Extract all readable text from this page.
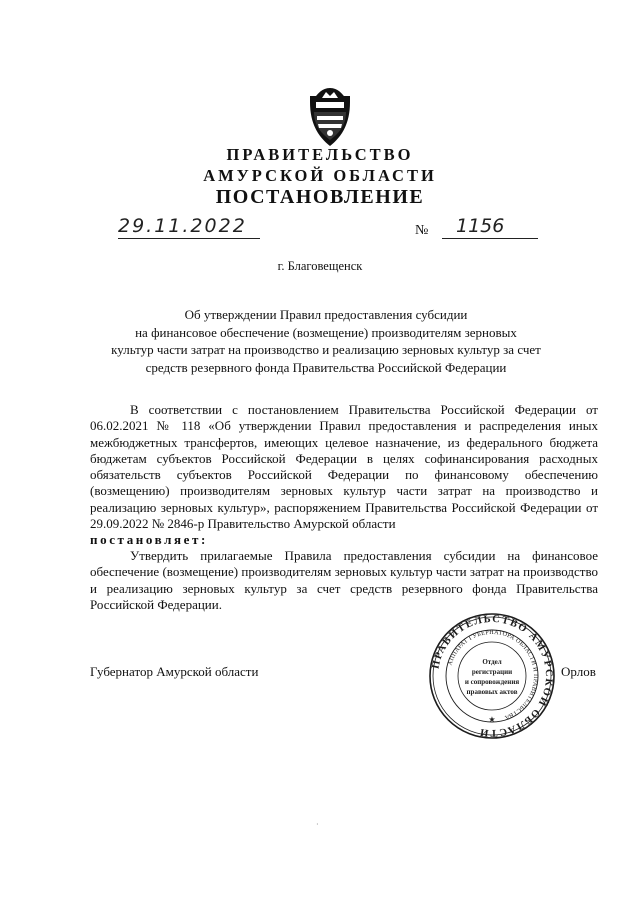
ПРАВИТЕЛЬСТВО
АМУРСКОЙ ОБЛАСТИ
ПОСТАНОВЛЕНИЕ
29.11.2022	№	1156
г. Благовещенск
Об утверждении Правил предоставления субсидии
на финансовое обеспечение (возмещение) производителям зерновых
культур части затрат на производство и реализацию зерновых культур за счет
средств резервного фонда Правительства Российской Федерации
В соответствии с постановлением Правительства Российской Федерации от 06.02.2021 № 118 «Об утверждении Правил предоставления и распределения иных межбюджетных трансфертов, имеющих целевое назначение, из федерального бюджета бюджетам субъектов Российской Федерации в целях софинансирования расходных обязательств субъектов Российской Федерации по финансовому обеспечению (возмещению) производителям зерновых культур части затрат на производство и реализацию зерновых культур», распоряжением Правительства Российской Федерации от 29.09.2022 № 2846-р Правительство Амурской области
постановляет:
Утвердить прилагаемые Правила предоставления субсидии на финансовое обеспечение (возмещение) производителям зерновых культур части затрат на производство и реализацию зерновых культур за счет средств резервного фонда Правительства Российской Федерации.
Губернатор Амурской области	Орлов
ПРАВИТЕЛЬСТВО АМУРСКОЙ ОБЛАСТИ
АППАРАТ ГУБЕРНАТОРА ОБЛАСТИ И ПРАВИТЕЛЬСТВА
Отдел
регистрации
и сопровождения
правовых актов
★
·
